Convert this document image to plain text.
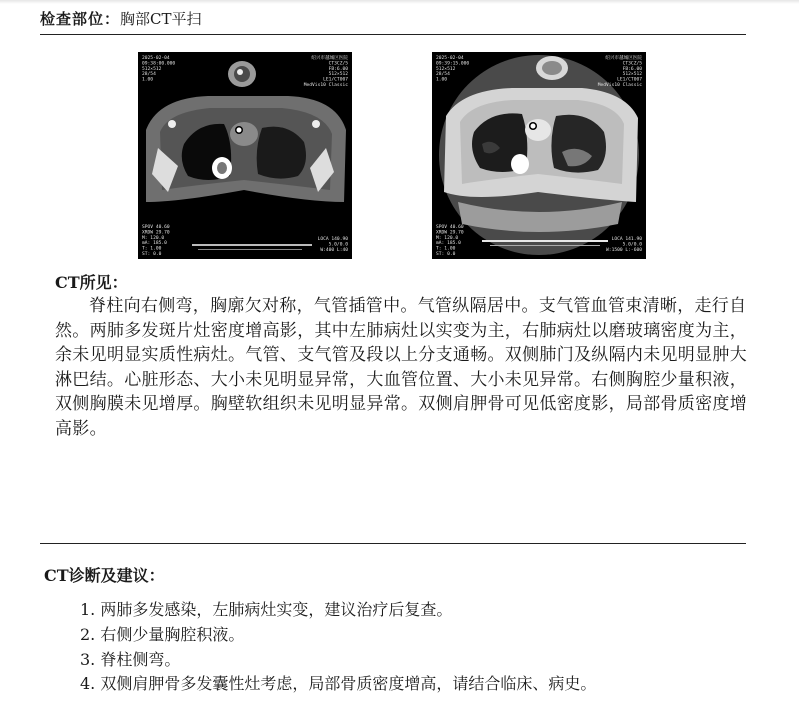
检查部位：胸部CT平扫
2025-02-04
09:38:00.000
512×512
28/54
1.00
绍兴市越城区医院
CT3CZ/5
FB:6.00
512×512
LE1/CT007
MedVis10 Classic
SPOV 40.60
XRDW 29.70
M: 120.0
mA: 185.0
T: 1.00
ST: 0.0
LOCA 140.90
5.0/0.0
W:400 L:40
2025-02-04
09:39:15.000
512×512
28/54
1.00
绍兴市越城区医院
CT3CZ/5
FB:6.00
512×512
LE1/CT007
MedVis10 Classic
SPOV 40.60
XRDW 29.70
M: 120.0
mA: 185.0
T: 1.00
ST: 0.0
LOCA 141.90
5.0/0.0
W:1500 L:-600
CT所见：

脊柱向右侧弯，胸廓欠对称，气管插管中。气管纵隔居中。支气管血管束清晰，走行自然。两肺多发斑片灶密度增高影，其中左肺病灶以实变为主，右肺病灶以磨玻璃密度为主，余未见明显实质性病灶。气管、支气管及段以上分支通畅。双侧肺门及纵隔内未见明显肿大淋巴结。心脏形态、大小未见明显异常，大血管位置、大小未见异常。右侧胸腔少量积液，双侧胸膜未见增厚。胸壁软组织未见明显异常。双侧肩胛骨可见低密度影，局部骨质密度增高影。

CT诊断及建议：
1. 两肺多发感染，左肺病灶实变，建议治疗后复查。
2. 右侧少量胸腔积液。
3. 脊柱侧弯。
4. 双侧肩胛骨多发囊性灶考虑，局部骨质密度增高，请结合临床、病史。
